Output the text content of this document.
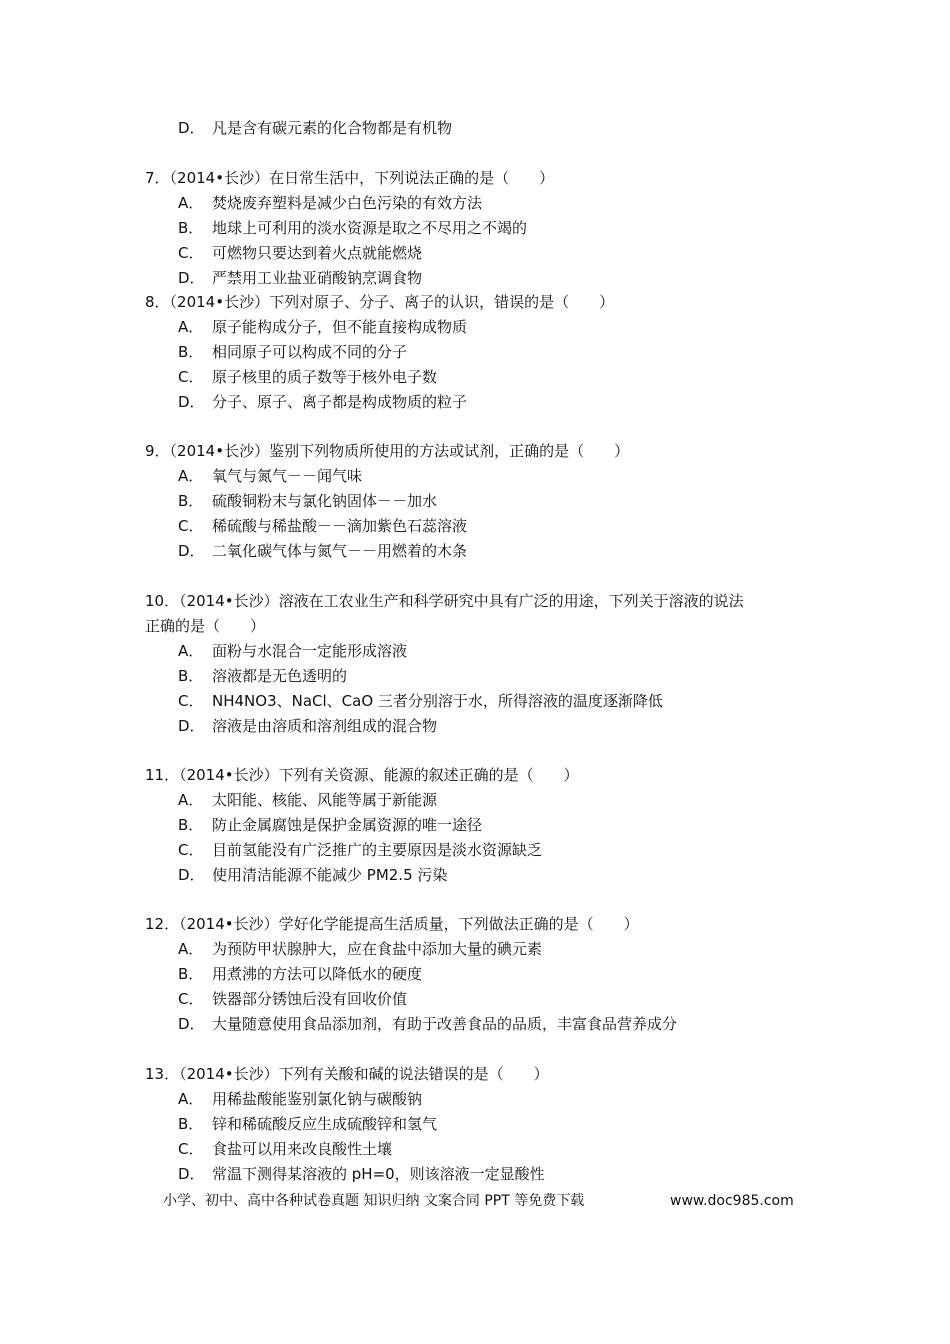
D． 凡是含有碳元素的化合物都是有机物
7．（2014•长沙）在日常生活中，下列说法正确的是（　　）
A． 焚烧废弃塑料是减少白色污染的有效方法
B． 地球上可利用的淡水资源是取之不尽用之不竭的
C． 可燃物只要达到着火点就能燃烧
D． 严禁用工业盐亚硝酸钠烹调食物
8．（2014•长沙）下列对原子、分子、离子的认识，错误的是（　　）
A． 原子能构成分子，但不能直接构成物质
B． 相同原子可以构成不同的分子
C． 原子核里的质子数等于核外电子数
D． 分子、原子、离子都是构成物质的粒子
9．（2014•长沙）鉴别下列物质所使用的方法或试剂，正确的是（　　）
A． 氧气与氮气－－闻气味
B． 硫酸铜粉末与氯化钠固体－－加水
C． 稀硫酸与稀盐酸－－滴加紫色石蕊溶液
D． 二氧化碳气体与氮气－－用燃着的木条
10．（2014•长沙）溶液在工农业生产和科学研究中具有广泛的用途，下列关于溶液的说法
正确的是（　　）
A． 面粉与水混合一定能形成溶液
B． 溶液都是无色透明的
C． NH4NO3、NaCl、CaO 三者分别溶于水，所得溶液的温度逐渐降低
D． 溶液是由溶质和溶剂组成的混合物
11．（2014•长沙）下列有关资源、能源的叙述正确的是（　　）
A． 太阳能、核能、风能等属于新能源
B． 防止金属腐蚀是保护金属资源的唯一途径
C． 目前氢能没有广泛推广的主要原因是淡水资源缺乏
D． 使用清洁能源不能减少 PM2.5 污染
12．（2014•长沙）学好化学能提高生活质量，下列做法正确的是（　　）
A． 为预防甲状腺肿大，应在食盐中添加大量的碘元素
B． 用煮沸的方法可以降低水的硬度
C． 铁器部分锈蚀后没有回收价值
D． 大量随意使用食品添加剂，有助于改善食品的品质，丰富食品营养成分
13．（2014•长沙）下列有关酸和碱的说法错误的是（　　）
A． 用稀盐酸能鉴别氯化钠与碳酸钠
B． 锌和稀硫酸反应生成硫酸锌和氢气
C． 食盐可以用来改良酸性土壤
D． 常温下测得某溶液的 pH=0，则该溶液一定显酸性
小学、初中、高中各种试卷真题 知识归纳 文案合同 PPT 等免费下载	www.doc985.com
